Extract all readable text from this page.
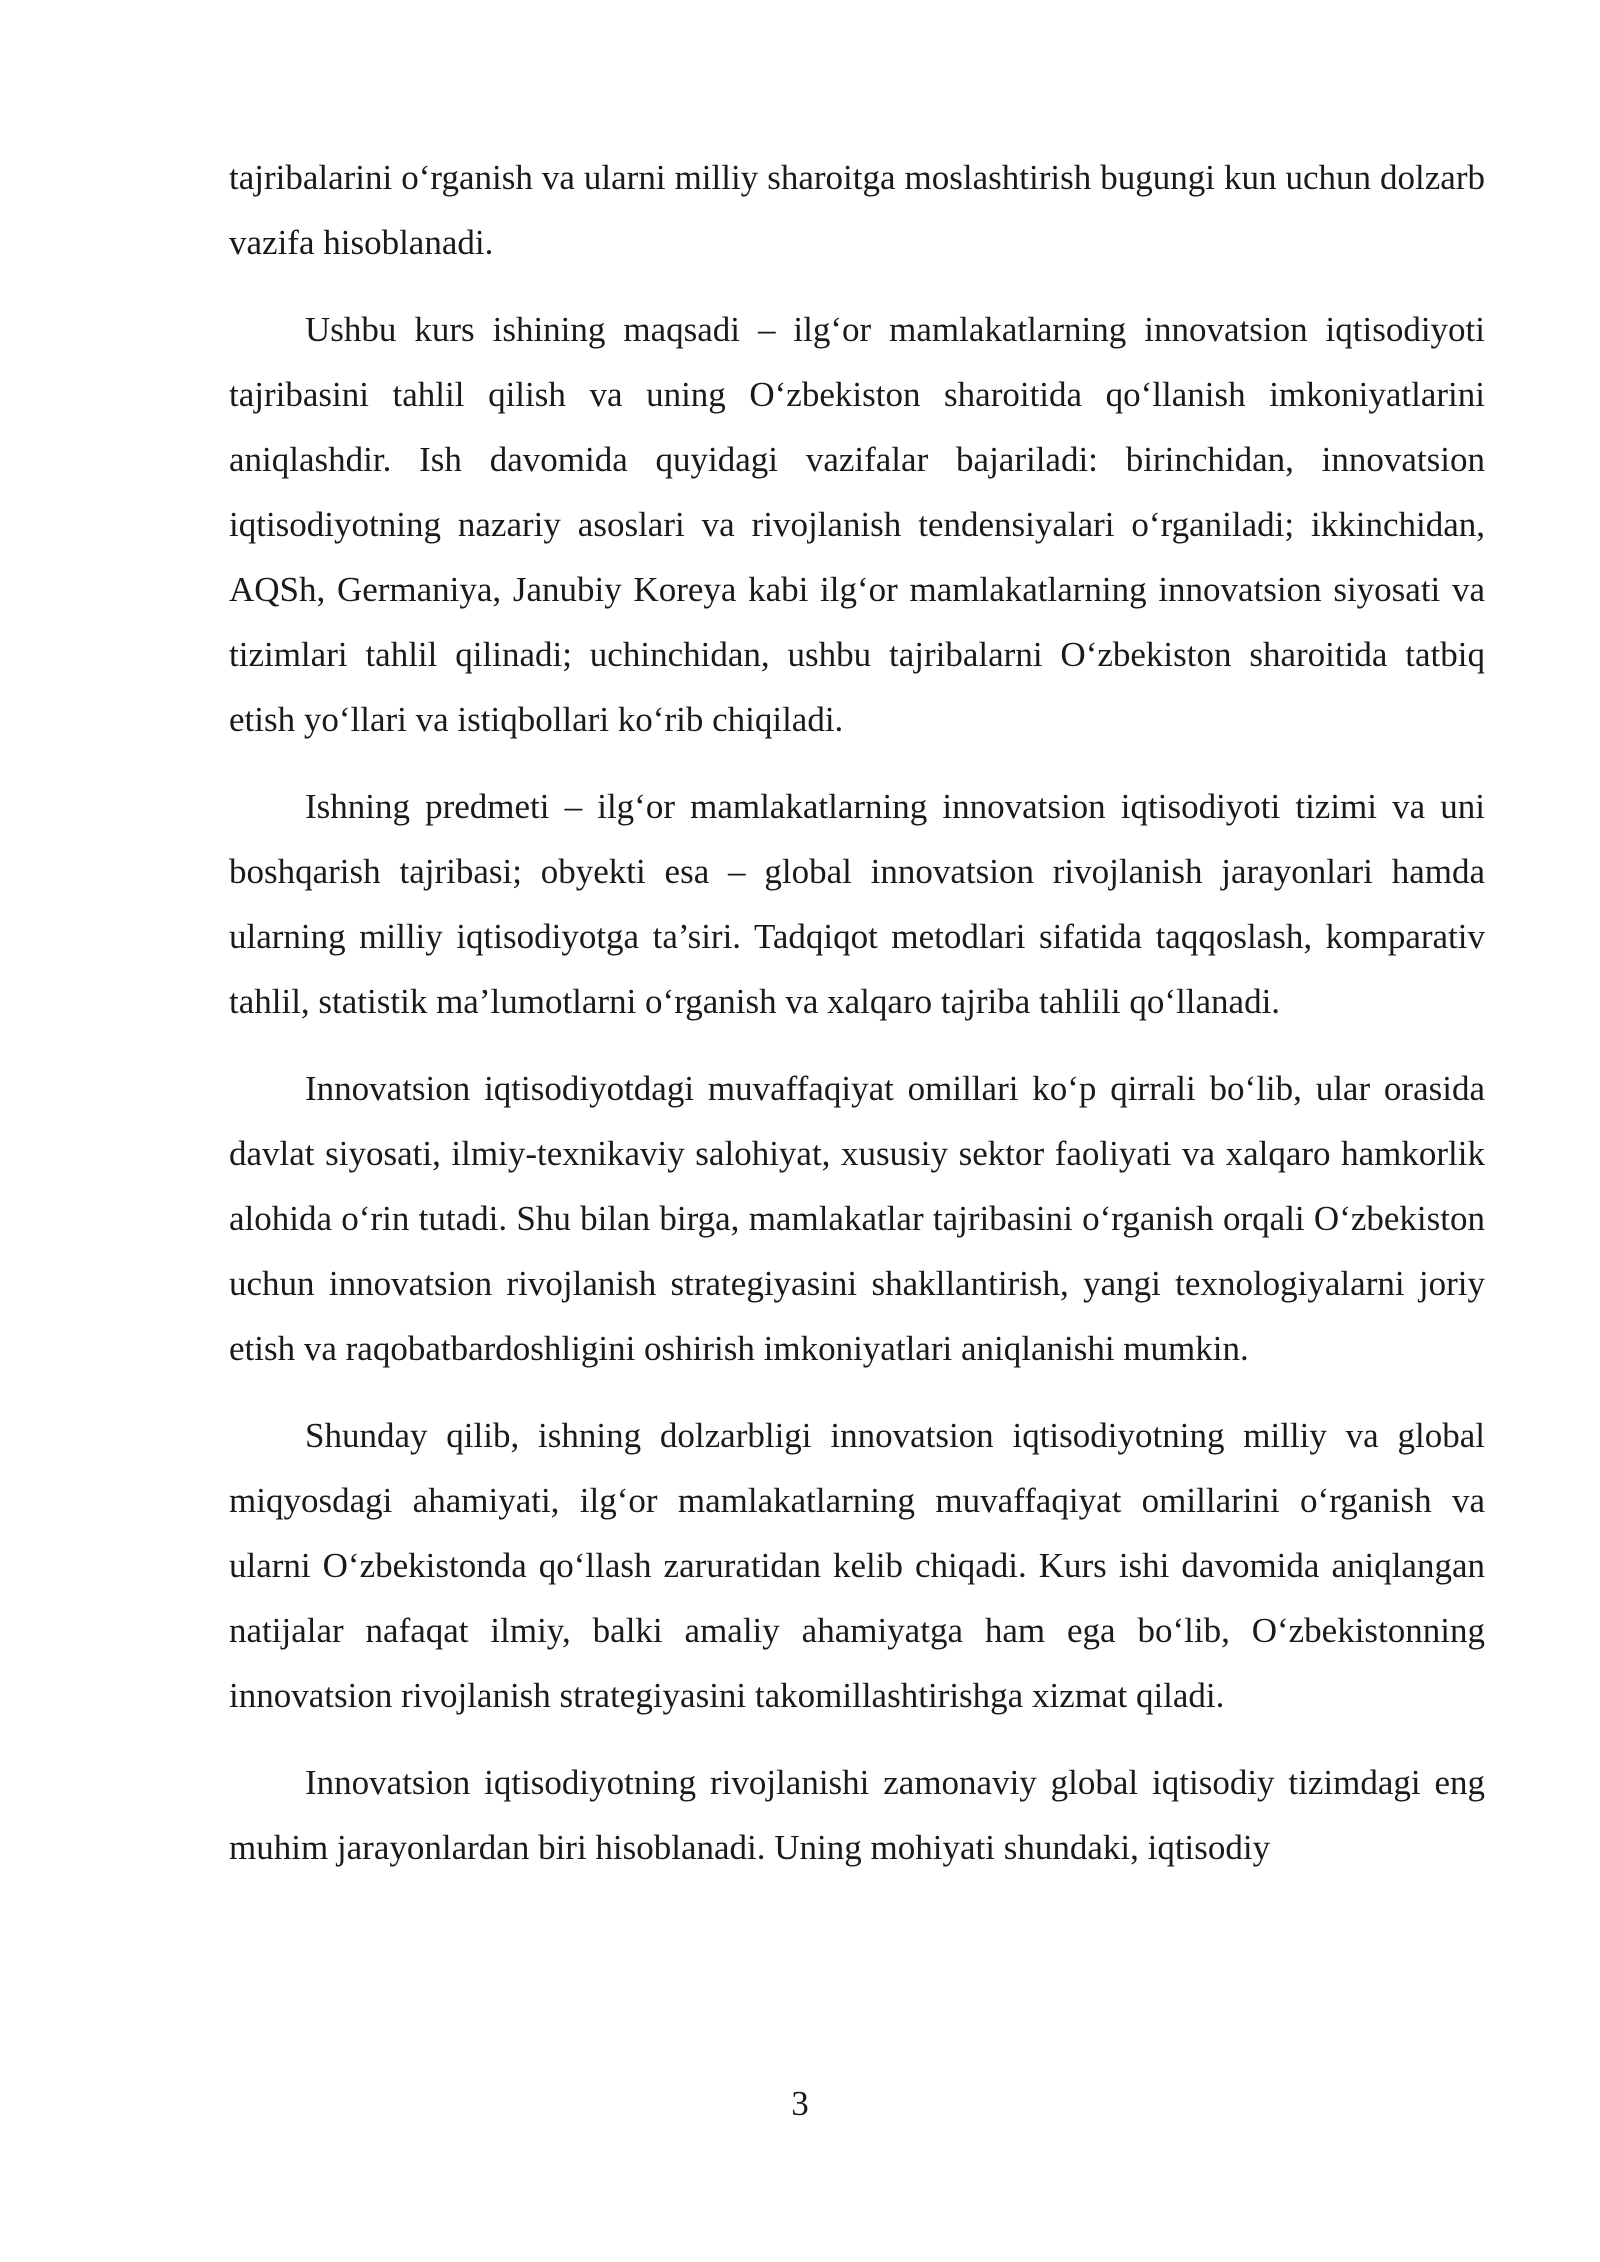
tajribalarini o‘rganish va ularni milliy sharoitga moslashtirish bugungi kun uchun dolzarb vazifa hisoblanadi.

Ushbu kurs ishining maqsadi – ilg‘or mamlakatlarning innovatsion iqtisodiyoti tajribasini tahlil qilish va uning O‘zbekiston sharoitida qo‘llanish imkoniyatlarini aniqlashdir. Ish davomida quyidagi vazifalar bajariladi: birinchidan, innovatsion iqtisodiyotning nazariy asoslari va rivojlanish tendensiyalari o‘rganiladi; ikkinchidan, AQSh, Germaniya, Janubiy Koreya kabi ilg‘or mamlakatlarning innovatsion siyosati va tizimlari tahlil qilinadi; uchinchidan, ushbu tajribalarni O‘zbekiston sharoitida tatbiq etish yo‘llari va istiqbollari ko‘rib chiqiladi.

Ishning predmeti – ilg‘or mamlakatlarning innovatsion iqtisodiyoti tizimi va uni boshqarish tajribasi; obyekti esa – global innovatsion rivojlanish jarayonlari hamda ularning milliy iqtisodiyotga ta’siri. Tadqiqot metodlari sifatida taqqoslash, komparativ tahlil, statistik ma’lumotlarni o‘rganish va xalqaro tajriba tahlili qo‘llanadi.

Innovatsion iqtisodiyotdagi muvaffaqiyat omillari ko‘p qirrali bo‘lib, ular orasida davlat siyosati, ilmiy-texnikaviy salohiyat, xususiy sektor faoliyati va xalqaro hamkorlik alohida o‘rin tutadi. Shu bilan birga, mamlakatlar tajribasini o‘rganish orqali O‘zbekiston uchun innovatsion rivojlanish strategiyasini shakllantirish, yangi texnologiyalarni joriy etish va raqobatbardoshligini oshirish imkoniyatlari aniqlanishi mumkin.

Shunday qilib, ishning dolzarbligi innovatsion iqtisodiyotning milliy va global miqyosdagi ahamiyati, ilg‘or mamlakatlarning muvaffaqiyat omillarini o‘rganish va ularni O‘zbekistonda qo‘llash zaruratidan kelib chiqadi. Kurs ishi davomida aniqlangan natijalar nafaqat ilmiy, balki amaliy ahamiyatga ham ega bo‘lib, O‘zbekistonning innovatsion rivojlanish strategiyasini takomillashtirishga xizmat qiladi.

Innovatsion iqtisodiyotning rivojlanishi zamonaviy global iqtisodiy tizimdagi eng muhim jarayonlardan biri hisoblanadi. Uning mohiyati shundaki, iqtisodiy

3
